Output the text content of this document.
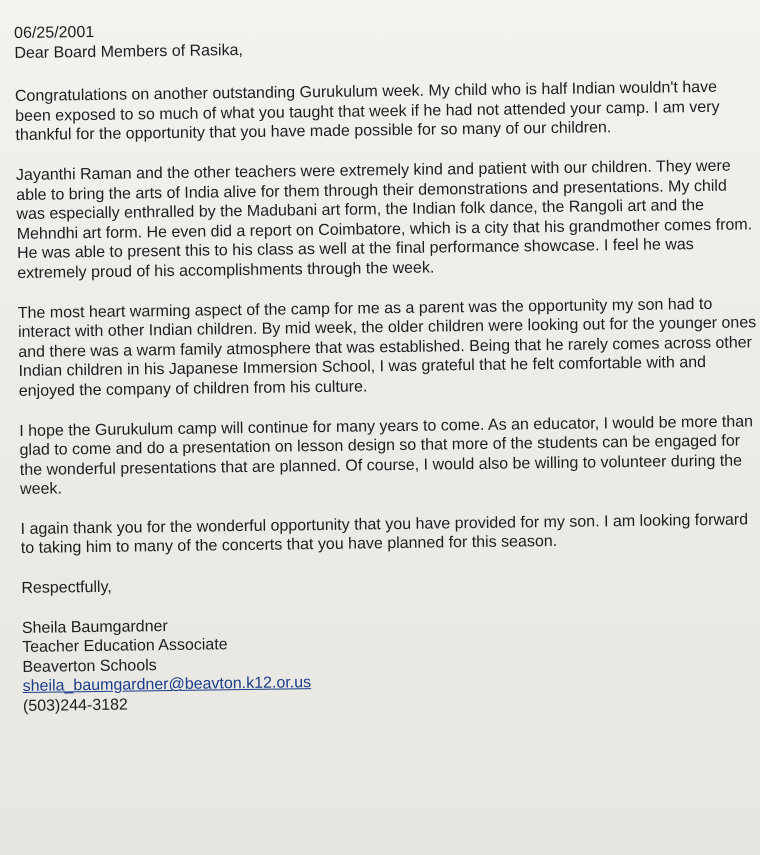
06/25/2001

Dear Board Members of Rasika,

Congratulations on another outstanding Gurukulum week. My child who is half Indian wouldn't have been exposed to so much of what you taught that week if he had not attended your camp. I am very thankful for the opportunity that you have made possible for so many of our children.

Jayanthi Raman and the other teachers were extremely kind and patient with our children. They were able to bring the arts of India alive for them through their demonstrations and presentations. My child was especially enthralled by the Madubani art form, the Indian folk dance, the Rangoli art and the Mehndhi art form. He even did a report on Coimbatore, which is a city that his grandmother comes from. He was able to present this to his class as well at the final performance showcase. I feel he was extremely proud of his accomplishments through the week.

The most heart warming aspect of the camp for me as a parent was the opportunity my son had to interact with other Indian children. By mid week, the older children were looking out for the younger ones and there was a warm family atmosphere that was established. Being that he rarely comes across other Indian children in his Japanese Immersion School, I was grateful that he felt comfortable with and enjoyed the company of children from his culture.

I hope the Gurukulum camp will continue for many years to come. As an educator, I would be more than glad to come and do a presentation on lesson design so that more of the students can be engaged for the wonderful presentations that are planned. Of course, I would also be willing to volunteer during the week.

I again thank you for the wonderful opportunity that you have provided for my son. I am looking forward to taking him to many of the concerts that you have planned for this season.

Respectfully,

Sheila Baumgardner
Teacher Education Associate
Beaverton Schools
sheila_baumgardner@beavton.k12.or.us
(503)244-3182
